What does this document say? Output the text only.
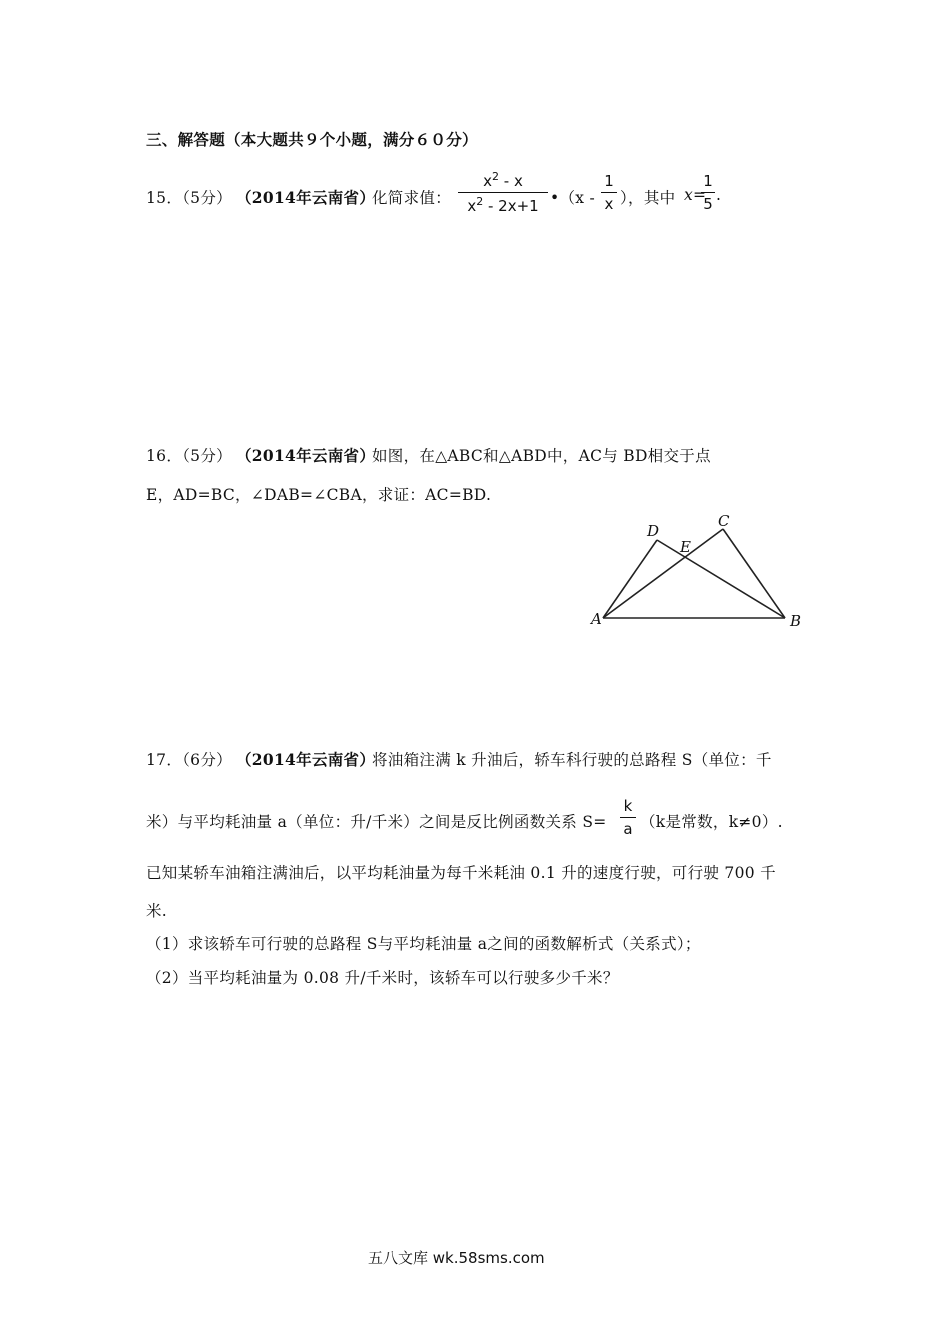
三、解答题（本大题共９个小题，满分６０分）
15．（5分） （2014年云南省）
化简求值：
$x^2$ - x
$x^2 - 2x+1$ •（x -
1
x ），其中 x=
1
5 .
16．（5分） （2014年云南省）
如图，在△ABC和△ABD中，AC与 BD相交于点
E，AD=BC，∠DAB=∠CBA，求证：AC=BD.
A	B
C
D
E
17．（6分） （2014年云南省）
将油箱注满 k 升油后，轿车科行驶的总路程 S（单位：千
米）与平均耗油量 a（单位：升/千米）之间是反比例函数关系 S=
k
a （k是常数，k≠0）.
已知某轿车油箱注满油后，以平均耗油量为每千米耗油 0.1 升的速度行驶，可行驶 700 千
米.
（1）求该轿车可行驶的总路程 S与平均耗油量 a之间的函数解析式（关系式）；
（2）当平均耗油量为 0.08 升/千米时，该轿车可以行驶多少千米？
五八文库 wk.58sms.com
